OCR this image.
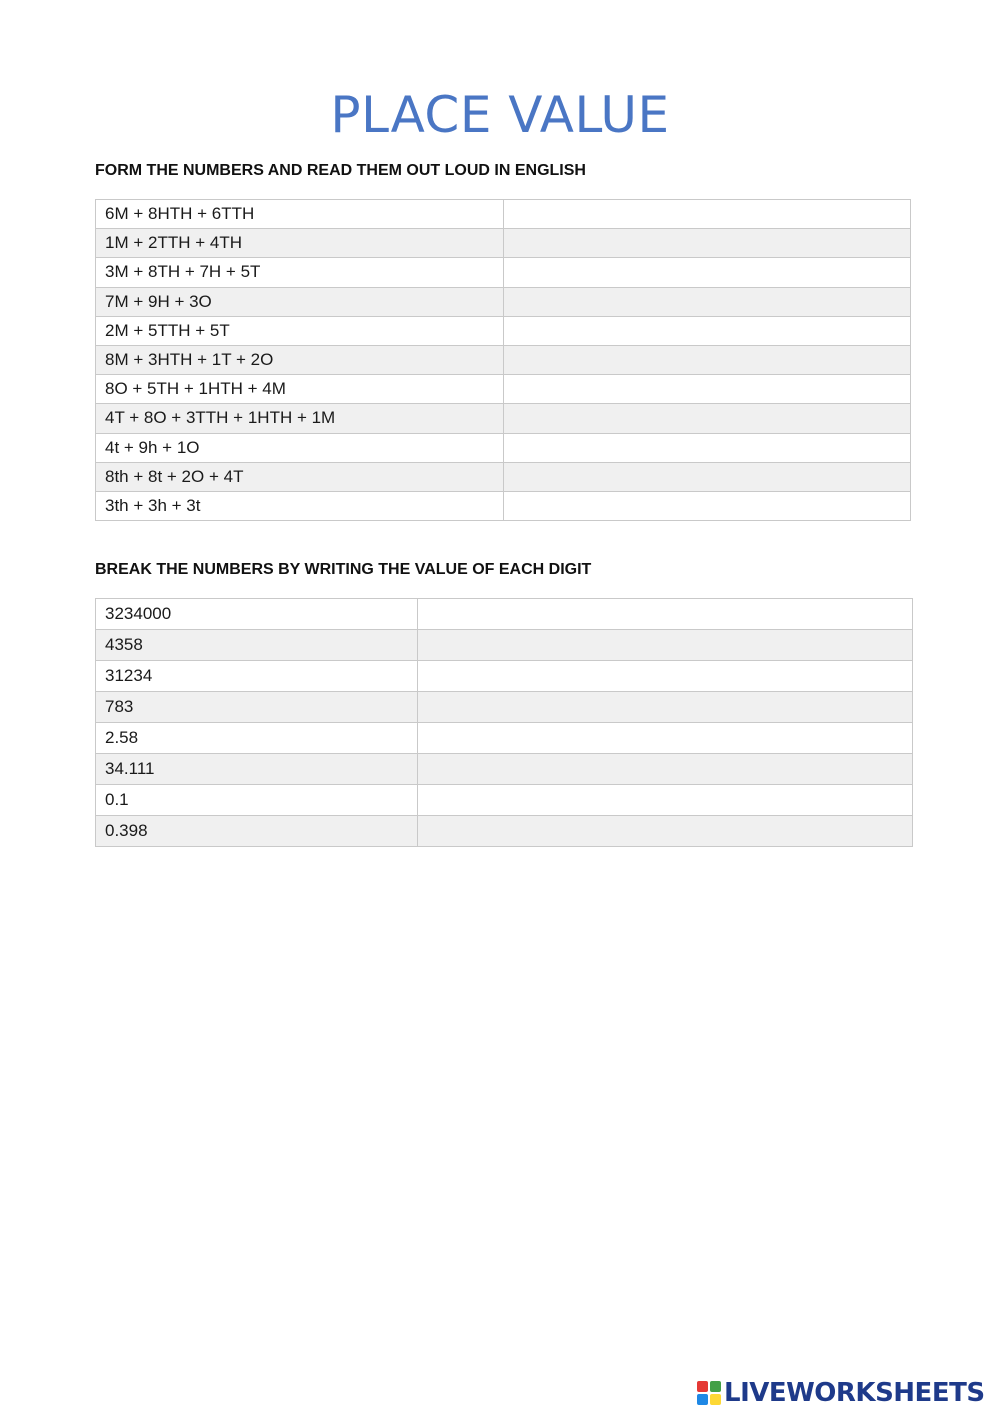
PLACE VALUE
FORM THE NUMBERS AND READ THEM OUT LOUD IN ENGLISH
6M + 8HTH + 6TTH	
1M + 2TTH + 4TH	
3M + 8TH + 7H + 5T	
7M + 9H + 3O	
2M + 5TTH + 5T	
8M + 3HTH + 1T + 2O	
8O + 5TH + 1HTH + 4M	
4T + 8O + 3TTH + 1HTH + 1M	
4t + 9h + 1O	
8th + 8t + 2O + 4T	
3th + 3h + 3t	
BREAK THE NUMBERS BY WRITING THE VALUE OF EACH DIGIT
3234000	
4358	
31234	
783	
2.58	
34.111	
0.1	
0.398	
LIVEWORKSHEETS
